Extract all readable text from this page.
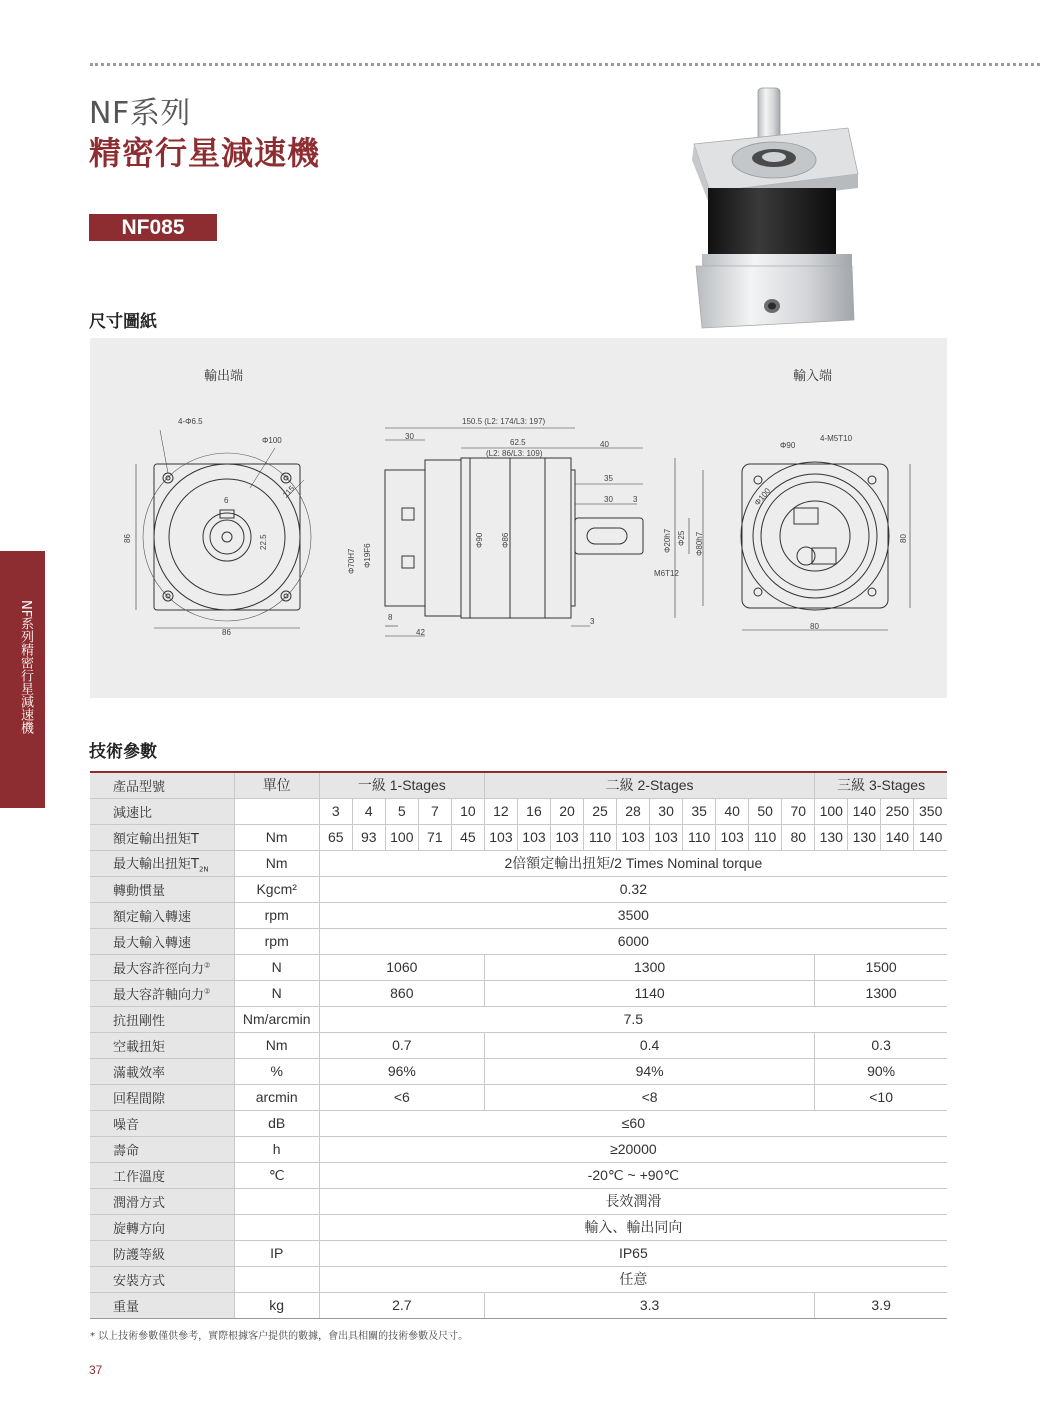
NF系列
精密行星減速機
NF085
尺寸圖紙
輸出端	輸入端
4-Φ6.5
Φ100
86
86
6
22.5
115
150.5 (L2: 174/L3: 197)
30
62.5
(L2: 86/L3: 109)
40
35
30	3
3
8
42
Φ70H7 Φ19F6
Φ90 Φ86	Φ20h7 Φ25 Φ80h7
M6T12
Φ90
4-M5T10
Φ100
80
80
NF系列精密行星減速機
技術參數
產品型號	單位	一級 1-Stages					二級 2-Stages										三級 3-Stages			
減速比		3	4	5	7	10	12	16	20	25	28	30	35	40	50	70	100	140	250	350
額定輸出扭矩T	Nm	65	93	100	71	45	103	103	103	110	103	103	110	103	110	80	130	130	140	140
最大輸出扭矩$T_{2N}$	Nm	2倍額定輸出扭矩/2 Times Nominal torque																		
轉動慣量	Kgcm²	0.32																		
額定輸入轉速	rpm	3500																		
最大輸入轉速	rpm	6000																		
最大容許徑向力②	N	1060					1300										1500			
最大容許軸向力②	N	860					1140										1300			
抗扭剛性	Nm/arcmin	7.5																		
空載扭矩	Nm	0.7					0.4										0.3			
滿載效率	%	96%					94%										90%			
回程間隙	arcmin	<6					<8										<10			
噪音	dB	≤60																		
壽命	h	≥20000																		
工作溫度	℃	-20℃ ~ +90℃																		
潤滑方式		長效潤滑																		
旋轉方向		輸入、輸出同向																		
防護等級	IP	IP65																		
安裝方式		任意																		
重量	kg	2.7					3.3										3.9			
* 以上技術參數僅供參考，實際根據客户提供的數據，會出具相關的技術參數及尺寸。
37
